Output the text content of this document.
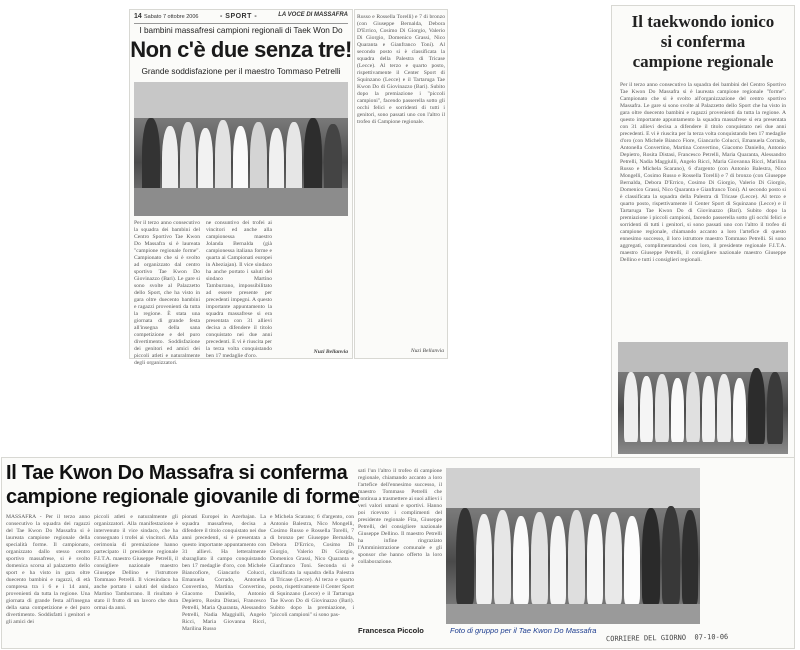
14 Sabato 7 ottobre 2006	- SPORT -	LA VOCE DI MASSAFRA
I bambini massafresi campioni regionali di Taek Won Do
Non c'è due senza tre!
Grande soddisfazione per il maestro Tommaso Petrelli
Per il terzo anno consecutivo la squadra dei bambini del Centro Sportivo Tae Kwon Do Massafra si è laureata "campione regionale forme". Campionato che si è svolto ad organizzato dal centro sportivo Tae Kwon Do Giovinazzo (Bari). Le gare si sono svolte al Palazzetto dello Sport, che ha visto in gara oltre duecento bambini e ragazzi provenienti da tutta la regione. È stata una giornata di grande festa all'insegna della sana competizione e del puro divertimento. Soddisfazione dei genitori ed amici dei piccoli atleti e naturalmente degli organizzatori.
ne consuntivo dei trofei ai vincitori ed anche alla campionessa maestro Jolanda Bernalda (già campionessa italiana forme e quarta ai Campionati europei in Abeziajan). Il vice sindaco ha anche portato i saluti del sindaco Martino Tamburrano, impossibilitato ad essere presente per precedenti impegni. A questo importante appuntamento la squadra massafrese si era presentata con 31 allievi decisa a difendere il titolo conquistato nei due anni precedenti. E vi è riuscita per la terza volta conquistando ben 17 medaglie d'oro.
Nuzi Bellanvia
Russo e Rossella Torelli) e 7 di bronzo (con Giuseppe Bernalda, Debora D'Errico, Cosimo Di Giorgio, Valerio Di Giorgio, Domenico Grassi, Nico Quaranta e Gianfranco Toni). Al secondo posto si è classificata la squadra della Palestra di Tricase (Lecce). Al terzo e quarto posto, rispettivamente il Center Sport di Squinzano (Lecce) e il Tartaruga Tae Kwon Do di Giovinazzo (Bari). Subito dopo la premiazione i "piccoli campioni", facendo passerella sotto gli occhi felici e sorridenti di tutti i genitori, sono passati uno con l'altro il trofeo di Campione regionale.
Nuzi Bellanvia
Il taekwondo ionico
si conferma
campione regionale
Per il terzo anno consecutivo la squadra dei bambini del Centro Sportivo Tae Kwon Do Massafra si è laureata campione regionale "forme". Campionato che si è svolto all'organizzazione del centro sportivo Massafra. Le gare si sono svolte al Palazzetto dello Sport che ha visto in gara oltre duecento bambini e ragazzi provenienti da tutta la regione. A questo importante appuntamento la squadra massafrese si era presentata con 31 allievi decisa a difendere il titolo conquistato nei due anni precedenti. E vi è riuscita per la terza volta conquistando ben 17 medaglie d'oro (con Michele Bianco Fiore, Giancarlo Colucci, Emanuela Corrado, Antonella Convertino, Martina Convertino, Giacomo Daniello, Antonio Depietro, Rosita Distasi, Francesco Petrelli, Maria Quaranta, Alessandro Petrelli, Nadia Maggiulli, Angelo Ricci, Maria Giovanna Ricci, Marilina Russo e Michela Scarano), 6 d'argento (con Antonio Balestra, Nico Mongelli, Cosimo Russo e Rossella Torelli) e 7 di bronzo (con Giuseppe Bernalda, Debora D'Errico, Cosimo Di Giorgio, Valerio Di Giorgio, Domenico Grassi, Nico Quaranta e Gianfranco Toni). Al secondo posto si è classificata la squadra della Palestra di Tricase (Lecce). Al terzo e quarto posto, rispettivamente il Center Sport di Squinzano (Lecce) e il Tartaruga Tae Kwon Do di Giovinazzo (Bari). Subito dopo la premiazione i piccoli campioni, facendo passerella sotto gli occhi felici e sorridenti di tutti i genitori, si sono passati uno con l'altro il trofeo di campione regionale, chiamando accanto a loro l'artefice di questo ennesimo successo, il loro istruttore maestro Tommaso Petrelli. Si sono aggregati, complimentandosi con loro, il presidente regionale F.I.T.A. maestro Giuseppe Petrelli, il consigliere nazionale maestro Giuseppe Dellino e tutti i consiglieri regionali.
Il Tae Kwon Do Massafra si conferma
campione regionale giovanile di forme
MASSAFRA - Per il terzo anno consecutivo la squadra dei ragazzi del Tae Kwon Do Massafra si è laureata campione regionale della specialità forme. Il campionato, organizzato dallo stesso centro sportivo massafrese, si è svolto domenica scorsa al palazzetto dello sport e ha visto in gara oltre duecento bambini e ragazzi, di età compresa tra i 6 e i 14 anni, provenienti da tutta la regione. Una giornata di grande festa all'insegna della sana competizione e del puro divertimento. Soddisfatti i genitori e gli amici dei
piccoli atleti e naturalmente gli organizzatori. Alla manifestazione è intervenuto il vice sindaco, che ha consegnato i trofei ai vincitori. Alla cerimonia di premiazione hanno partecipato il presidente regionale F.I.T.A. maestro Giuseppe Petrelli, il consigliere nazionale maestro Giuseppe Dellino e l'istruttore Tommaso Petrelli. Il vicesindaco ha anche portato i saluti del sindaco Martino Tamburrano. Il risultato è stato il frutto di un lavoro che dura ormai da anni.
pionati Europei in Azerbajan. La squadra massafrese, decisa a difendere il titolo conquistato nei due anni precedenti, si è presentata a questo importante appuntamento con 31 allievi. Ha letteralmente sbaragliato il campo conquistando ben 17 medaglie d'oro, con Michele Biancofiore, Giancarlo Colucci, Emanuela Corrado, Antonella Convertino, Martina Convertino, Giacomo Daniello, Antonio Depietro, Rosita Distasi, Francesco Petrelli, Maria Quaranta, Alessandro Petrelli, Nadia Maggiulli, Angelo Ricci, Maria Giovanna Ricci, Marilina Russo
e Michela Scarano; 6 d'argento, con Antonio Balestra, Nico Mongelli, Cosimo Russo e Rossella Torelli, 7 di bronzo per Giuseppe Bernalda, Debora D'Errico, Cosimo Di Giorgio, Valerio Di Giorgio, Domenico Grassi, Nico Quaranta e Gianfranco Toni. Seconda si è classificata la squadra della Palestra di Tricase (Lecce). Al terzo e quarto posto, rispettivamente il Center Sport di Squinzano (Lecce) e il Tartaruga Tae Kwon Do di Giovinazzo (Bari). Subito dopo la premiazione, i "piccoli campioni" si sono pas-
sati l'un l'altro il trofeo di campione regionale, chiamando accanto a loro l'artefice dell'ennesimo successo, il maestro Tommaso Petrelli che continua a trasmettere ai suoi allievi i veri valori umani e sportivi. Hanno poi ricevuto i complimenti del presidente regionale Fita, Giuseppe Petrelli, del consigliere nazionale Giuseppe Dellino. Il maestro Petrelli ha infine ringraziato l'Amministrazione comunale e gli sponsor che hanno offerto la loro collaborazione.
Francesca Piccolo	Foto di gruppo per il Tae Kwon Do Massafra
CORRIERE DEL GIORNO  07-10-06
